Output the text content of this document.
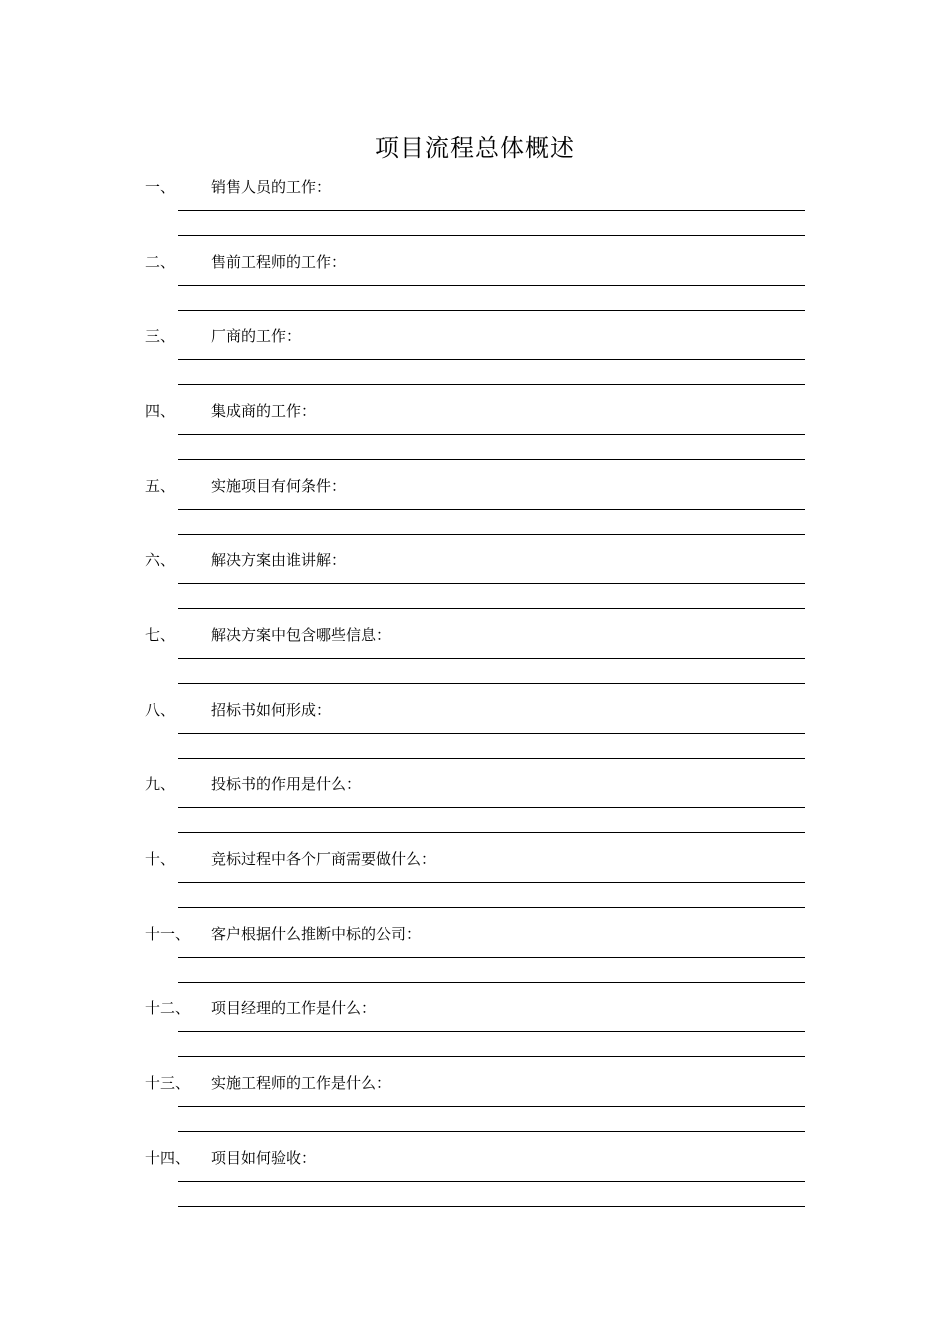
项目流程总体概述
一、 销售人员的工作：
二、 售前工程师的工作：
三、 厂商的工作：
四、 集成商的工作：
五、 实施项目有何条件：
六、 解决方案由谁讲解：
七、 解决方案中包含哪些信息：
八、 招标书如何形成：
九、 投标书的作用是什么：
十、 竞标过程中各个厂商需要做什么：
十一、 客户根据什么推断中标的公司：
十二、 项目经理的工作是什么：
十三、 实施工程师的工作是什么：
十四、 项目如何验收：
